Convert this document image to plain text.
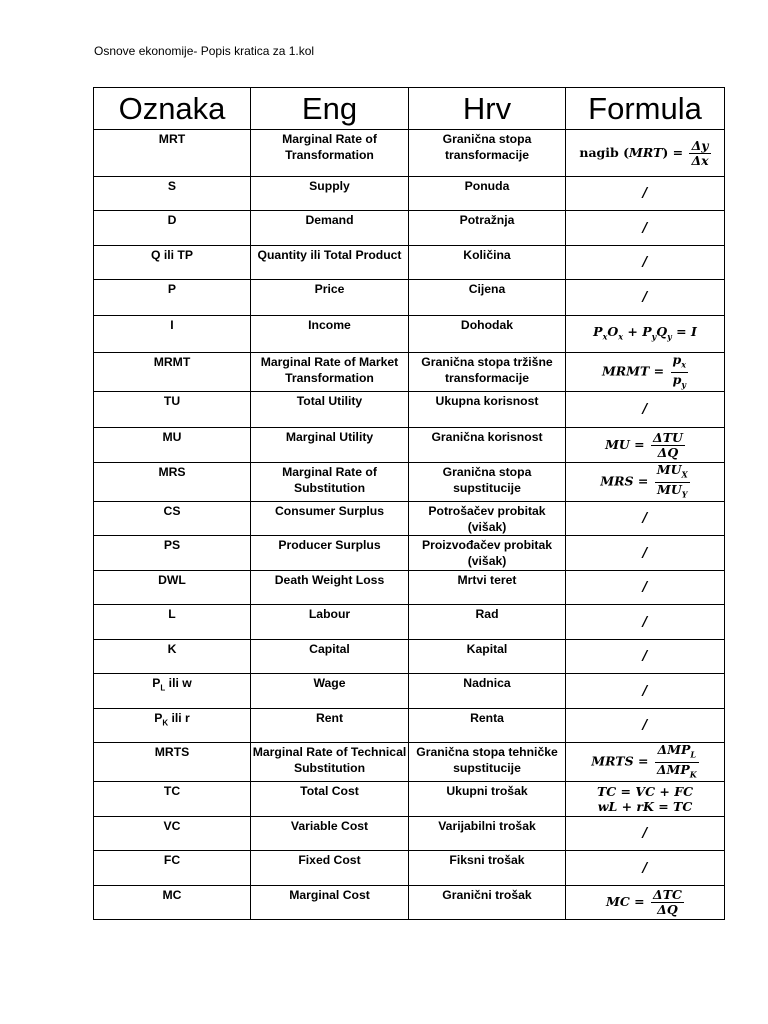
Osnove ekonomije- Popis kratica za 1.kol
Oznaka	Eng	Hrv	Formula
MRT	Marginal Rate of Transformation	Granična stopa transformacije	nagib $(MRT) = \frac{\Delta y}{\Delta x}$

S	Supply	Ponuda	/
D	Demand	Potražnja	/
Q ili TP	Quantity ili Total Product	Količina	/
P	Price	Cijena	/
I	Income	Dohodak	$P_xO_x + P_yQ_y = I$
MRMT	Marginal Rate of Market Transformation	Granična stopa tržišne transformacije	MRMT = $\frac{p_x}{p_y}$

TU	Total Utility	Ukupna korisnost	/
MU	Marginal Utility	Granična korisnost	MU = $\frac{\text{ΔTU}}{\Delta Q}$

MRS	Marginal Rate of Substitution	Granična stopa supstitucije	MRS = $\frac{MU_X}{MU_Y}$

CS	Consumer Surplus	Potrošačev probitak (višak)	/
PS	Producer Surplus	Proizvođačev probitak (višak)	/
DWL	Death Weight Loss	Mrtvi teret	/
L	Labour	Rad	/
K	Capital	Kapital	/
$P_L$ ili w	Wage	Nadnica	/
$P_K$ ili r	Rent	Renta	/
MRTS	Marginal Rate of Technical Substitution	Granična stopa tehničke supstitucije	MRTS = $\frac{\Delta MP_L}{\Delta MP_K}$

TC	Total Cost	Ukupni trošak	TC = VC + FC
wL + rK = TC

VC	Variable Cost	Varijabilni trošak	/
FC	Fixed Cost	Fiksni trošak	/
MC	Marginal Cost	Granični trošak	MC = $\frac{\text{ΔTC}}{\Delta Q}$
